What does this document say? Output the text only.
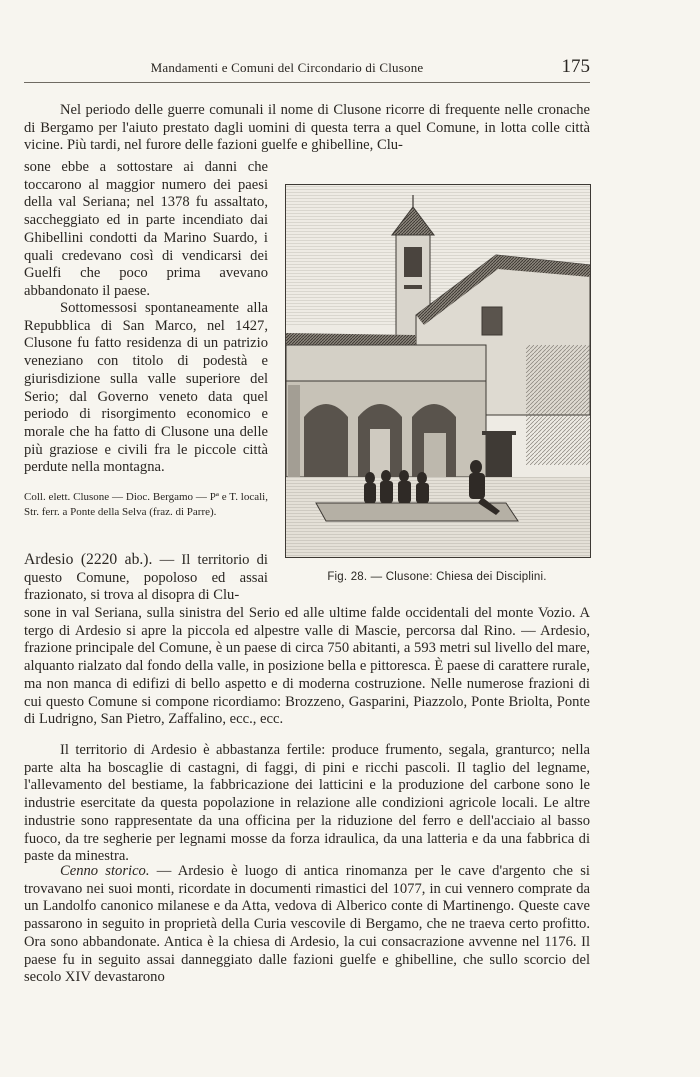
Mandamenti e Comuni del Circondario di Clusone	175

Nel periodo delle guerre comunali il nome di Clusone ricorre di frequente nelle cronache di Bergamo per l'aiuto prestato dagli uomini di questa terra a quel Comune, in lotta colle città vicine. Più tardi, nel furore delle fazioni guelfe e ghibelline, Clu-

sone ebbe a sottostare ai danni che toccarono al maggior numero dei paesi della val Seriana; nel 1378 fu assaltato, saccheggiato ed in parte incendiato dai Ghibellini condotti da Marino Suardo, i quali credevano così di vendicarsi dei Guelfi che poco prima avevano abbandonato il paese.

Sottomessosi spontaneamente alla Repubblica di San Marco, nel 1427, Clusone fu fatto residenza di un patrizio veneziano con titolo di podestà e giurisdizione sulla valle superiore del Serio; dal Governo veneto data quel periodo di risorgimento economico e morale che ha fatto di Clusone una delle più graziose e civili fra le piccole città perdute nella montagna.

Coll. elett. Clusone — Dioc. Bergamo — Pª e T. locali, Str. ferr. a Ponte della Selva (fraz. di Parre).

Ardesio (2220 ab.). — Il territorio di questo Comune, popoloso ed assai frazionato, si trova al disopra di Clu-

sone in val Seriana, sulla sinistra del Serio ed alle ultime falde occidentali del monte Vozio. A tergo di Ardesio si apre la piccola ed alpestre valle di Mascie, percorsa dal Rino. — Ardesio, frazione principale del Comune, è un paese di circa 750 abitanti, a 593 metri sul livello del mare, alquanto rialzato dal fondo della valle, in posizione bella e pittoresca. È paese di carattere rurale, ma non manca di edifizi di bello aspetto e di moderna costruzione. Nelle numerose frazioni di cui questo Comune si compone ricordiamo: Brozzeno, Gasparini, Piazzolo, Ponte Briolta, Ponte di Ludrigno, San Pietro, Zaffalino, ecc., ecc.

Il territorio di Ardesio è abbastanza fertile: produce frumento, segala, granturco; nella parte alta ha boscaglie di castagni, di faggi, di pini e ricchi pascoli. Il taglio del legname, l'allevamento del bestiame, la fabbricazione dei latticini e la produzione del carbone sono le industrie esercitate da questa popolazione in relazione alle condizioni agricole locali. Le altre industrie sono rappresentate da una officina per la riduzione del ferro e dell'acciaio al basso fuoco, da tre segherie per legnami mosse da forza idraulica, da una latteria e da una fabbrica di paste da minestra.

Cenno storico. — Ardesio è luogo di antica rinomanza per le cave d'argento che si trovavano nei suoi monti, ricordate in documenti rimastici del 1077, in cui vennero comprate da un Landolfo canonico milanese e da Atta, vedova di Alberico conte di Martinengo. Queste cave passarono in seguito in proprietà della Curia vescovile di Bergamo, che ne traeva certo profitto. Ora sono abbandonate. Antica è la chiesa di Ardesio, la cui consacrazione avvenne nel 1176. Il paese fu in seguito assai danneggiato dalle fazioni guelfe e ghibelline, che sullo scorcio del secolo XIV devastarono

Fig. 28. — Clusone: Chiesa dei Disciplini.
